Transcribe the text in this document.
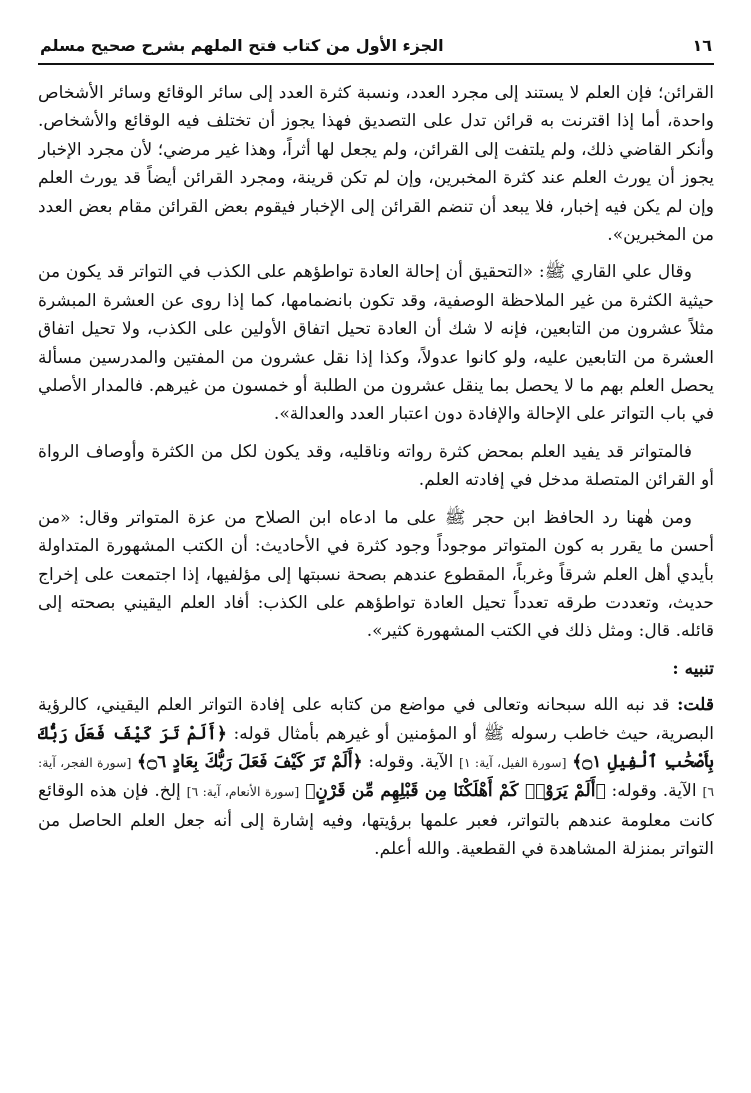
١٦
الجزء الأول من كتاب فتح الملهم بشرح صحيح مسلم

القرائن؛ فإن العلم لا يستند إلى مجرد العدد، ونسبة كثرة العدد إلى سائر الوقائع وسائر الأشخاص واحدة، أما إذا اقترنت به قرائن تدل على التصديق فهذا يجوز أن تختلف فيه الوقائع والأشخاص. وأنكر القاضي ذلك، ولم يلتفت إلى القرائن، ولم يجعل لها أثراً، وهذا غير مرضي؛ لأن مجرد الإخبار يجوز أن يورث العلم عند كثرة المخبرين، وإن لم تكن قرينة، ومجرد القرائن أيضاً قد يورث العلم وإن لم يكن فيه إخبار، فلا يبعد أن تنضم القرائن إلى الإخبار فيقوم بعض القرائن مقام بعض العدد من المخبرين».

وقال علي القاري ﷺ: «التحقيق أن إحالة العادة تواطؤهم على الكذب في التواتر قد يكون من حيثية الكثرة من غير الملاحظة الوصفية، وقد تكون بانضمامها، كما إذا روى عن العشرة المبشرة مثلاً عشرون من التابعين، فإنه لا شك أن العادة تحيل اتفاق الأولين على الكذب، ولا تحيل اتفاق العشرة من التابعين عليه، ولو كانوا عدولاً، وكذا إذا نقل عشرون من المفتين والمدرسين مسألة يحصل العلم بهم ما لا يحصل بما ينقل عشرون من الطلبة أو خمسون من غيرهم. فالمدار الأصلي في باب التواتر على الإحالة والإفادة دون اعتبار العدد والعدالة».

فالمتواتر قد يفيد العلم بمحض كثرة رواته وناقليه، وقد يكون لكل من الكثرة وأوصاف الرواة أو القرائن المتصلة مدخل في إفادته العلم.

ومن هٰهنا رد الحافظ ابن حجر ﷺ على ما ادعاه ابن الصلاح من عزة المتواتر وقال: «من أحسن ما يقرر به كون المتواتر موجوداً وجود كثرة في الأحاديث: أن الكتب المشهورة المتداولة بأيدي أهل العلم شرقاً وغرباً، المقطوع عندهم بصحة نسبتها إلى مؤلفيها، إذا اجتمعت على إخراج حديث، وتعددت طرقه تعدداً تحيل العادة تواطؤهم على الكذب: أفاد العلم اليقيني بصحته إلى قائله. قال: ومثل ذلك في الكتب المشهورة كثير».

تنبيه :

قلت: قد نبه الله سبحانه وتعالى في مواضع من كتابه على إفادة التواتر العلم اليقيني، كالرؤية البصرية، حيث خاطب رسوله ﷺ أو المؤمنين أو غيرهم بأمثال قوله: ﴿أَلَمْ تَرَ كَيْفَ فَعَلَ رَبُّكَ بِأَصْحَٰبِ ٱلْفِيلِ ۝١﴾ [سورة الفيل، آية: ١] الآية. وقوله: ﴿أَلَمْ تَرَ كَيْفَ فَعَلَ رَبُّكَ بِعَادٍ ۝٦﴾ [سورة الفجر، آية: ٦] الآية. وقوله: ﴿أَلَمْ يَرَوْا۟ كَمْ أَهْلَكْنَا مِن قَبْلِهِم مِّن قَرْنٍ﴾ [سورة الأنعام، آية: ٦] إلخ. فإن هذه الوقائع كانت معلومة عندهم بالتواتر، فعبر علمها برؤيتها، وفيه إشارة إلى أنه جعل العلم الحاصل من التواتر بمنزلة المشاهدة في القطعية. والله أعلم.
